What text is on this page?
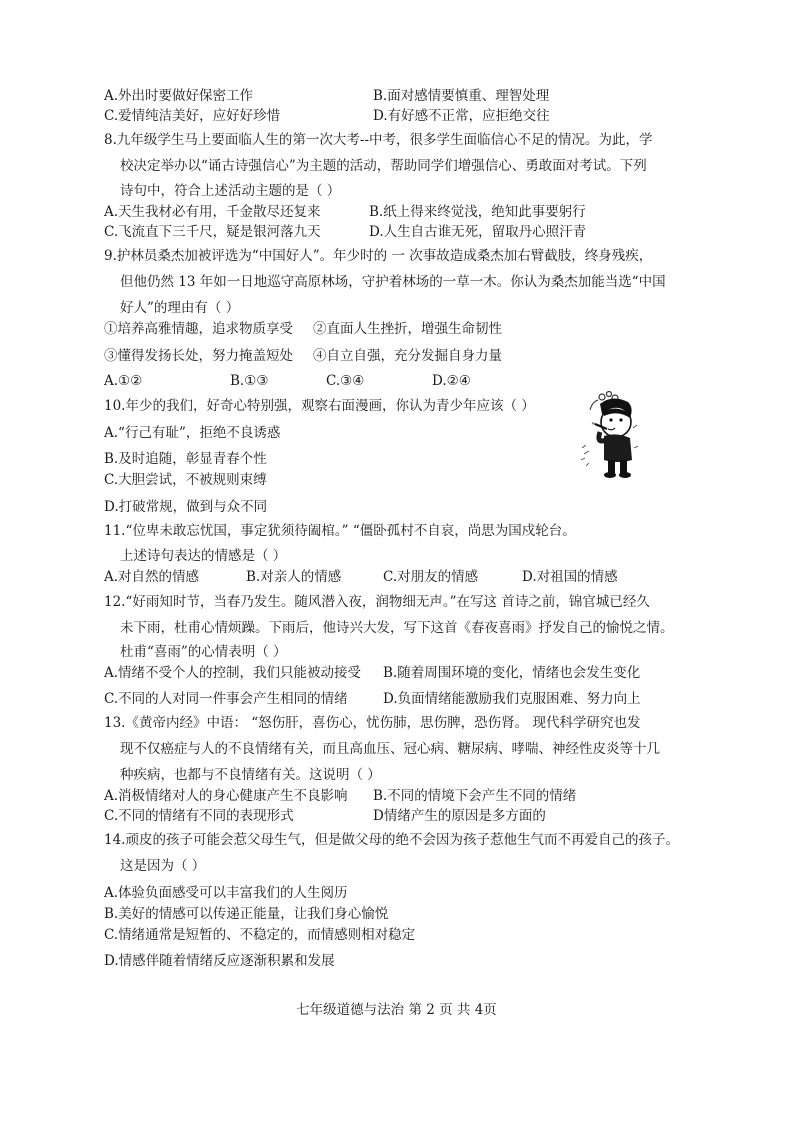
A.外出时要做好保密工作	B.面对感情要慎重、理智处理
C.爱情纯洁美好，应好好珍惜	D.有好感不正常，应拒绝交往
8.九年级学生马上要面临人生的第一次大考--中考，很多学生面临信心不足的情况。为此，学
校决定举办以“诵古诗强信心”为主题的活动，帮助同学们增强信心、勇敢面对考试。下列
诗句中，符合上述活动主题的是（ ）
A.天生我材必有用，千金散尽还复来	B.纸上得来终觉浅，绝知此事要躬行
C.飞流直下三千尺，疑是银河落九天	D.人生自古谁无死，留取丹心照汗青
9.护林员桑杰加被评选为“中国好人”。年少时的 一 次事故造成桑杰加右臂截肢，终身残疾，
但他仍然 13 年如一日地巡守高原林场，守护着林场的一草一木。你认为桑杰加能当选“中国
好人”的理由有（ ）
①培养高雅情趣，追求物质享受 ②直面人生挫折，增强生命韧性
③懂得发扬长处，努力掩盖短处 ④自立自强，充分发掘自身力量
A.①②	B.①③	C.③④	D.②④
10.年少的我们，好奇心特别强，观察右面漫画，你认为青少年应该（ ）
A.“行己有耻”，拒绝不良诱惑
B.及时追随，彰显青春个性
C.大胆尝试，不被规则束缚
D.打破常规，做到与众不同
11.“位卑未敢忘忧国，事定犹须待阖棺。” “僵卧孤村不自哀，尚思为国戍轮台。
上述诗句表达的情感是（ ）
A.对自然的情感	B.对亲人的情感	C.对朋友的情感	D.对祖国的情感
12.“好雨知时节，当春乃发生。随风潜入夜，润物细无声。”在写这 首诗之前，锦官城已经久
未下雨，杜甫心情烦躁。下雨后，他诗兴大发，写下这首《春夜喜雨》抒发自己的愉悦之情。
杜甫“喜雨”的心情表明（ ）
A.情绪不受个人的控制，我们只能被动接受 B.随着周围环境的变化，情绪也会发生变化
C.不同的人对同一件事会产生相同的情绪	D.负面情绪能激励我们克服困难、努力向上
13.《黄帝内经》中语： “怒伤肝，喜伤心，忧伤肺，思伤脾，恐伤肾。 现代科学研究也发
现不仅癌症与人的不良情绪有关，而且高血压、冠心病、糖尿病、哮喘、神经性皮炎等十几
种疾病，也都与不良情绪有关。这说明（ ）
A.消极情绪对人的身心健康产生不良影响 B.不同的情境下会产生不同的情绪
C.不同的情绪有不同的表现形式	D情绪产生的原因是多方面的
14.顽皮的孩子可能会惹父母生气，但是做父母的绝不会因为孩子惹他生气而不再爱自己的孩子。
这是因为（ ）
A.体验负面感受可以丰富我们的人生阅历
B.美好的情感可以传递正能量，让我们身心愉悦
C.情绪通常是短暂的、不稳定的，而情感则相对稳定
D.情感伴随着情绪反应逐渐积累和发展
七年级道德与法治 第 2 页 共 4页
